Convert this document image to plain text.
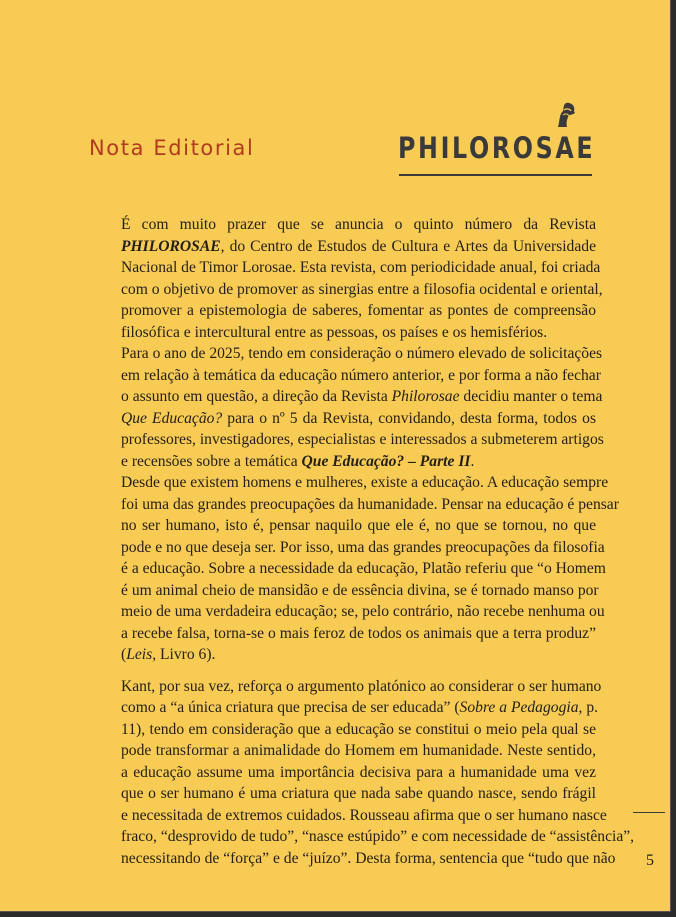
Nota Editorial	PHILOROSAE

É com muito prazer que se anuncia o quinto número da Revista
PHILOROSAE, do Centro de Estudos de Cultura e Artes da Universidade
Nacional de Timor Lorosae. Esta revista, com periodicidade anual, foi criada
com o objetivo de promover as sinergias entre a filosofia ocidental e oriental,
promover a epistemologia de saberes, fomentar as pontes de compreensão
filosófica e intercultural entre as pessoas, os países e os hemisférios.

Para o ano de 2025, tendo em consideração o número elevado de solicitações
em relação à temática da educação número anterior, e por forma a não fechar
o assunto em questão, a direção da Revista Philorosae decidiu manter o tema
Que Educação? para o nº 5 da Revista, convidando, desta forma, todos os
professores, investigadores, especialistas e interessados a submeterem artigos
e recensões sobre a temática Que Educação? – Parte II.

Desde que existem homens e mulheres, existe a educação. A educação sempre
foi uma das grandes preocupações da humanidade. Pensar na educação é pensar
no ser humano, isto é, pensar naquilo que ele é, no que se tornou, no que
pode e no que deseja ser. Por isso, uma das grandes preocupações da filosofia
é a educação. Sobre a necessidade da educação, Platão referiu que “o Homem
é um animal cheio de mansidão e de essência divina, se é tornado manso por
meio de uma verdadeira educação; se, pelo contrário, não recebe nenhuma ou
a recebe falsa, torna-se o mais feroz de todos os animais que a terra produz”
(Leis, Livro 6).

Kant, por sua vez, reforça o argumento platónico ao considerar o ser humano
como a “a única criatura que precisa de ser educada” (Sobre a Pedagogia, p.
11), tendo em consideração que a educação se constitui o meio pela qual se
pode transformar a animalidade do Homem em humanidade. Neste sentido,
a educação assume uma importância decisiva para a humanidade uma vez
que o ser humano é uma criatura que nada sabe quando nasce, sendo frágil
e necessitada de extremos cuidados. Rousseau afirma que o ser humano nasce
fraco, “desprovido de tudo”, “nasce estúpido” e com necessidade de “assistência”,
necessitando de “força” e de “juízo”. Desta forma, sentencia que “tudo que não 5
